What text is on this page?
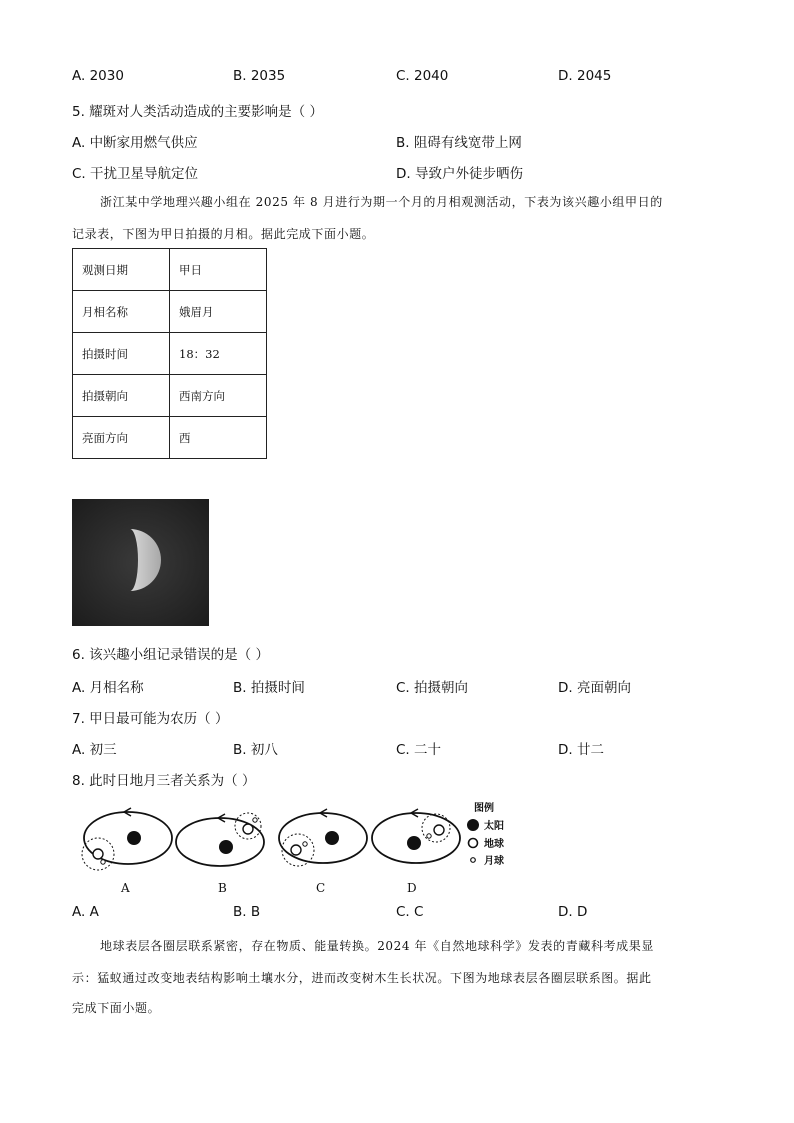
A. 2030	B. 2035	C. 2040	D. 2045
5. 耀斑对人类活动造成的主要影响是（ ）
A. 中断家用燃气供应	B. 阻碍有线宽带上网
C. 干扰卫星导航定位	D. 导致户外徒步晒伤
浙江某中学地理兴趣小组在 2025 年 8 月进行为期一个月的月相观测活动，下表为该兴趣小组甲日的
记录表，下图为甲日拍摄的月相。据此完成下面小题。
观测日期	甲日
月相名称	娥眉月
拍摄时间	18：32
拍摄朝向	西南方向
亮面方向	西
6. 该兴趣小组记录错误的是（ ）
A. 月相名称	B. 拍摄时间	C. 拍摄朝向	D. 亮面朝向
7. 甲日最可能为农历（ ）
A. 初三	B. 初八	C. 二十	D. 廿二
8. 此时日地月三者关系为（ ）
图例
太阳
地球
月球
A	B	C	D
A. A	B. B	C. C	D. D
地球表层各圈层联系紧密，存在物质、能量转换。2024 年《自然地球科学》发表的青藏科考成果显
示：猛蚁通过改变地表结构影响土壤水分，进而改变树木生长状况。下图为地球表层各圈层联系图。据此
完成下面小题。
